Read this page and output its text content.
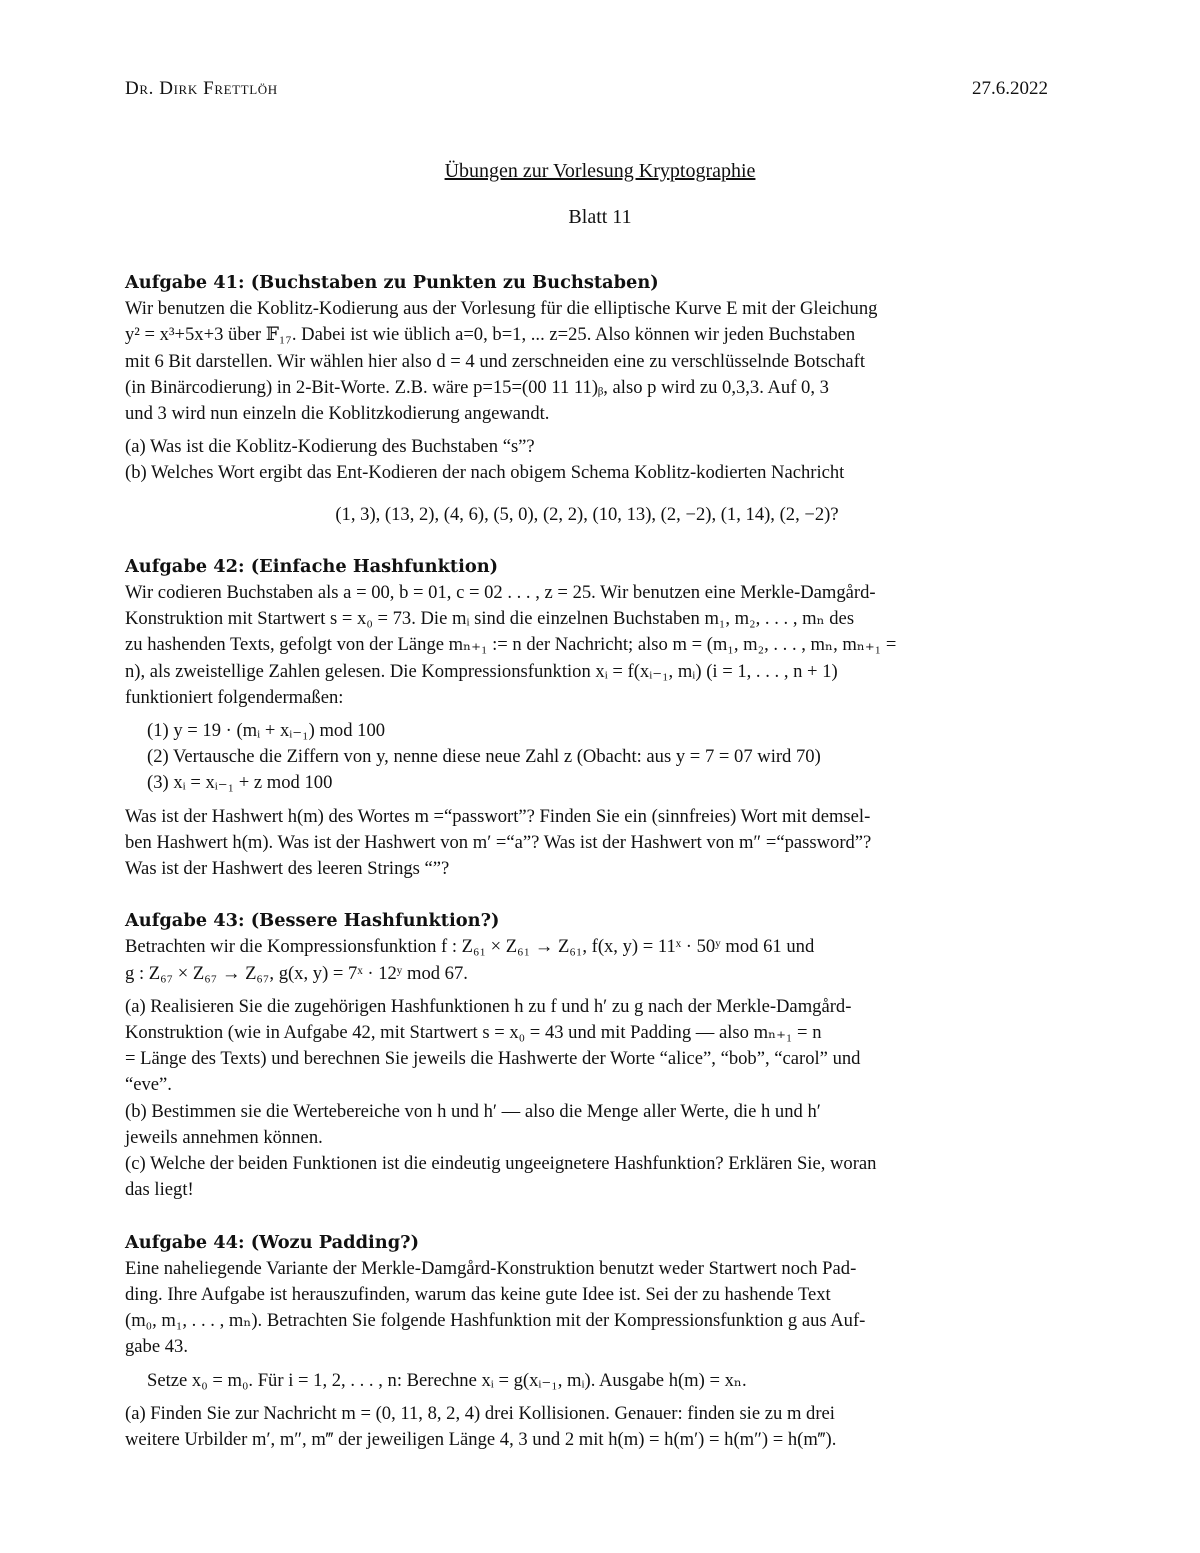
Dr. Dirk Frettlöh	27.6.2022
Übungen zur Vorlesung Kryptographie
Blatt 11
Aufgabe 41: (Buchstaben zu Punkten zu Buchstaben)
Wir benutzen die Koblitz-Kodierung aus der Vorlesung für die elliptische Kurve E mit der Gleichung
y² = x³+5x+3 über 𝔽₁₇. Dabei ist wie üblich a=0, b=1, ... z=25. Also können wir jeden Buchstaben
mit 6 Bit darstellen. Wir wählen hier also d = 4 und zerschneiden eine zu verschlüsselnde Botschaft
(in Binärcodierung) in 2-Bit-Worte. Z.B. wäre p=15=(00 11 11)ᵦ, also p wird zu 0,3,3. Auf 0, 3
und 3 wird nun einzeln die Koblitzkodierung angewandt.
(a) Was ist die Koblitz-Kodierung des Buchstaben “s”?
(b) Welches Wort ergibt das Ent-Kodieren der nach obigem Schema Koblitz-kodierten Nachricht
(1, 3), (13, 2), (4, 6), (5, 0), (2, 2), (10, 13), (2, −2), (1, 14), (2, −2)?
Aufgabe 42: (Einfache Hashfunktion)
Wir codieren Buchstaben als a = 00, b = 01, c = 02 . . . , z = 25. Wir benutzen eine Merkle-Damgård-
Konstruktion mit Startwert s = x₀ = 73. Die mᵢ sind die einzelnen Buchstaben m₁, m₂, . . . , mₙ des
zu hashenden Texts, gefolgt von der Länge mₙ₊₁ := n der Nachricht; also m = (m₁, m₂, . . . , mₙ, mₙ₊₁ =
n), als zweistellige Zahlen gelesen. Die Kompressionsfunktion xᵢ = f(xᵢ₋₁, mᵢ) (i = 1, . . . , n + 1)
funktioniert folgendermaßen:
(1) y = 19 · (mᵢ + xᵢ₋₁) mod 100
(2) Vertausche die Ziffern von y, nenne diese neue Zahl z (Obacht: aus y = 7 = 07 wird 70)
(3) xᵢ = xᵢ₋₁ + z mod 100
Was ist der Hashwert h(m) des Wortes m =“passwort”? Finden Sie ein (sinnfreies) Wort mit demsel-
ben Hashwert h(m). Was ist der Hashwert von m′ =“a”? Was ist der Hashwert von m″ =“password”?
Was ist der Hashwert des leeren Strings “”?
Aufgabe 43: (Bessere Hashfunktion?)
Betrachten wir die Kompressionsfunktion f : Z₆₁ × Z₆₁ → Z₆₁, f(x, y) = 11ˣ · 50ʸ mod 61 und
g : Z₆₇ × Z₆₇ → Z₆₇, g(x, y) = 7ˣ · 12ʸ mod 67.
(a) Realisieren Sie die zugehörigen Hashfunktionen h zu f und h′ zu g nach der Merkle-Damgård-
Konstruktion (wie in Aufgabe 42, mit Startwert s = x₀ = 43 und mit Padding — also mₙ₊₁ = n
= Länge des Texts) und berechnen Sie jeweils die Hashwerte der Worte “alice”, “bob”, “carol” und
“eve”.
(b) Bestimmen sie die Wertebereiche von h und h′ — also die Menge aller Werte, die h und h′
jeweils annehmen können.
(c) Welche der beiden Funktionen ist die eindeutig ungeeignetere Hashfunktion? Erklären Sie, woran
das liegt!
Aufgabe 44: (Wozu Padding?)
Eine naheliegende Variante der Merkle-Damgård-Konstruktion benutzt weder Startwert noch Pad-
ding. Ihre Aufgabe ist herauszufinden, warum das keine gute Idee ist. Sei der zu hashende Text
(m₀, m₁, . . . , mₙ). Betrachten Sie folgende Hashfunktion mit der Kompressionsfunktion g aus Auf-
gabe 43.
Setze x₀ = m₀. Für i = 1, 2, . . . , n: Berechne xᵢ = g(xᵢ₋₁, mᵢ). Ausgabe h(m) = xₙ.
(a) Finden Sie zur Nachricht m = (0, 11, 8, 2, 4) drei Kollisionen. Genauer: finden sie zu m drei
weitere Urbilder m′, m″, m‴ der jeweiligen Länge 4, 3 und 2 mit h(m) = h(m′) = h(m″) = h(m‴).
